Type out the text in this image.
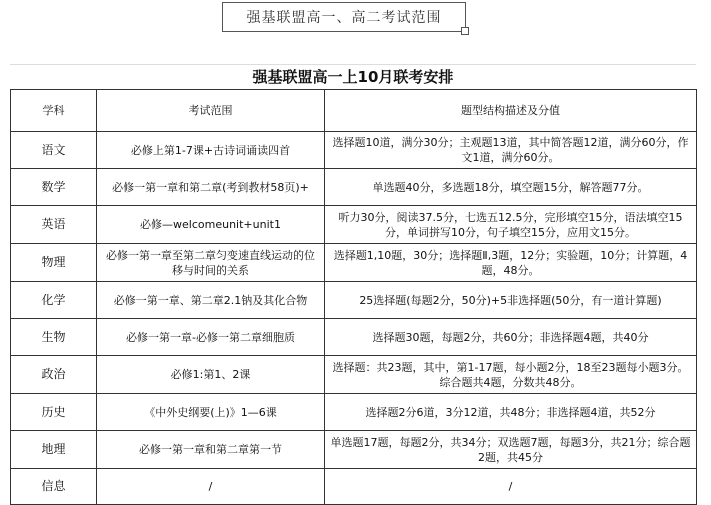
强基联盟高一、高二考试范围
强基联盟高一上10月联考安排
学科	考试范围	题型结构描述及分值
语文	必修上第1-7课+古诗词诵读四首	选择题10道，满分30分；主观题13道，其中简答题12道，满分60分，作文1道，满分60分。
数学	必修一第一章和第二章(考到教材58页)+	单选题40分，多选题18分，填空题15分，解答题77分。
英语	必修—welcomeunit+unit1	听力30分，阅读37.5分，七选五12.5分，完形填空15分，语法填空15分，单词拼写10分，句子填空15分，应用文15分。
物理	必修一第一章至第二章匀变速直线运动的位移与时间的关系	选择题1,10题，30分；选择题Ⅱ,3题，12分；实验题，10分；计算题，4题，48分。
化学	必修一第一章、第二章2.1钠及其化合物	25选择题(每题2分，50分)+5非选择题(50分，有一道计算题)
生物	必修一第一章-必修一第二章细胞质	选择题30题，每题2分，共60分；非选择题4题，共40分
政治	必修1:第1、2课	选择题：共23题，其中，第1-17题，每小题2分，18至23题每小题3分。综合题共4题，分数共48分。
历史	《中外史纲要(上)》1—6课	选择题2分6道，3分12道，共48分；非选择题4道，共52分
地理	必修一第一章和第二章第一节	单选题17题，每题2分，共34分；双选题7题，每题3分，共21分；综合题2题，共45分
信息	/	/
